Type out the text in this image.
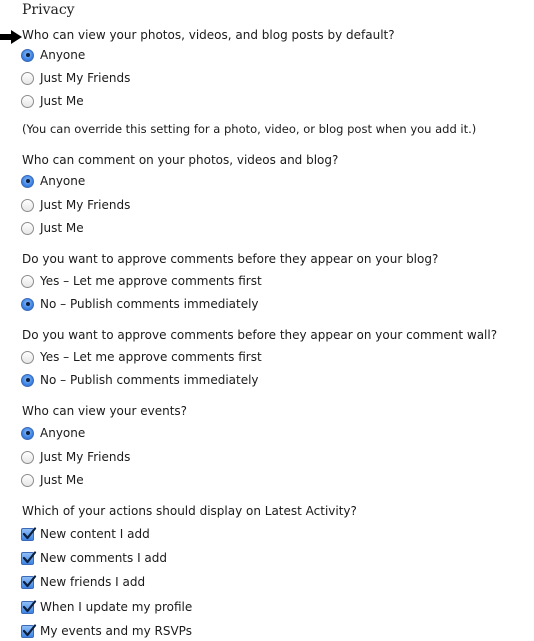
Privacy
Who can view your photos, videos, and blog posts by default?
Anyone
Just My Friends
Just Me
(You can override this setting for a photo, video, or blog post when you add it.)
Who can comment on your photos, videos and blog?
Anyone
Just My Friends
Just Me
Do you want to approve comments before they appear on your blog?
Yes – Let me approve comments first
No – Publish comments immediately
Do you want to approve comments before they appear on your comment wall?
Yes – Let me approve comments first
No – Publish comments immediately
Who can view your events?
Anyone
Just My Friends
Just Me
Which of your actions should display on Latest Activity?
New content I add
New comments I add
New friends I add
When I update my profile
My events and my RSVPs
